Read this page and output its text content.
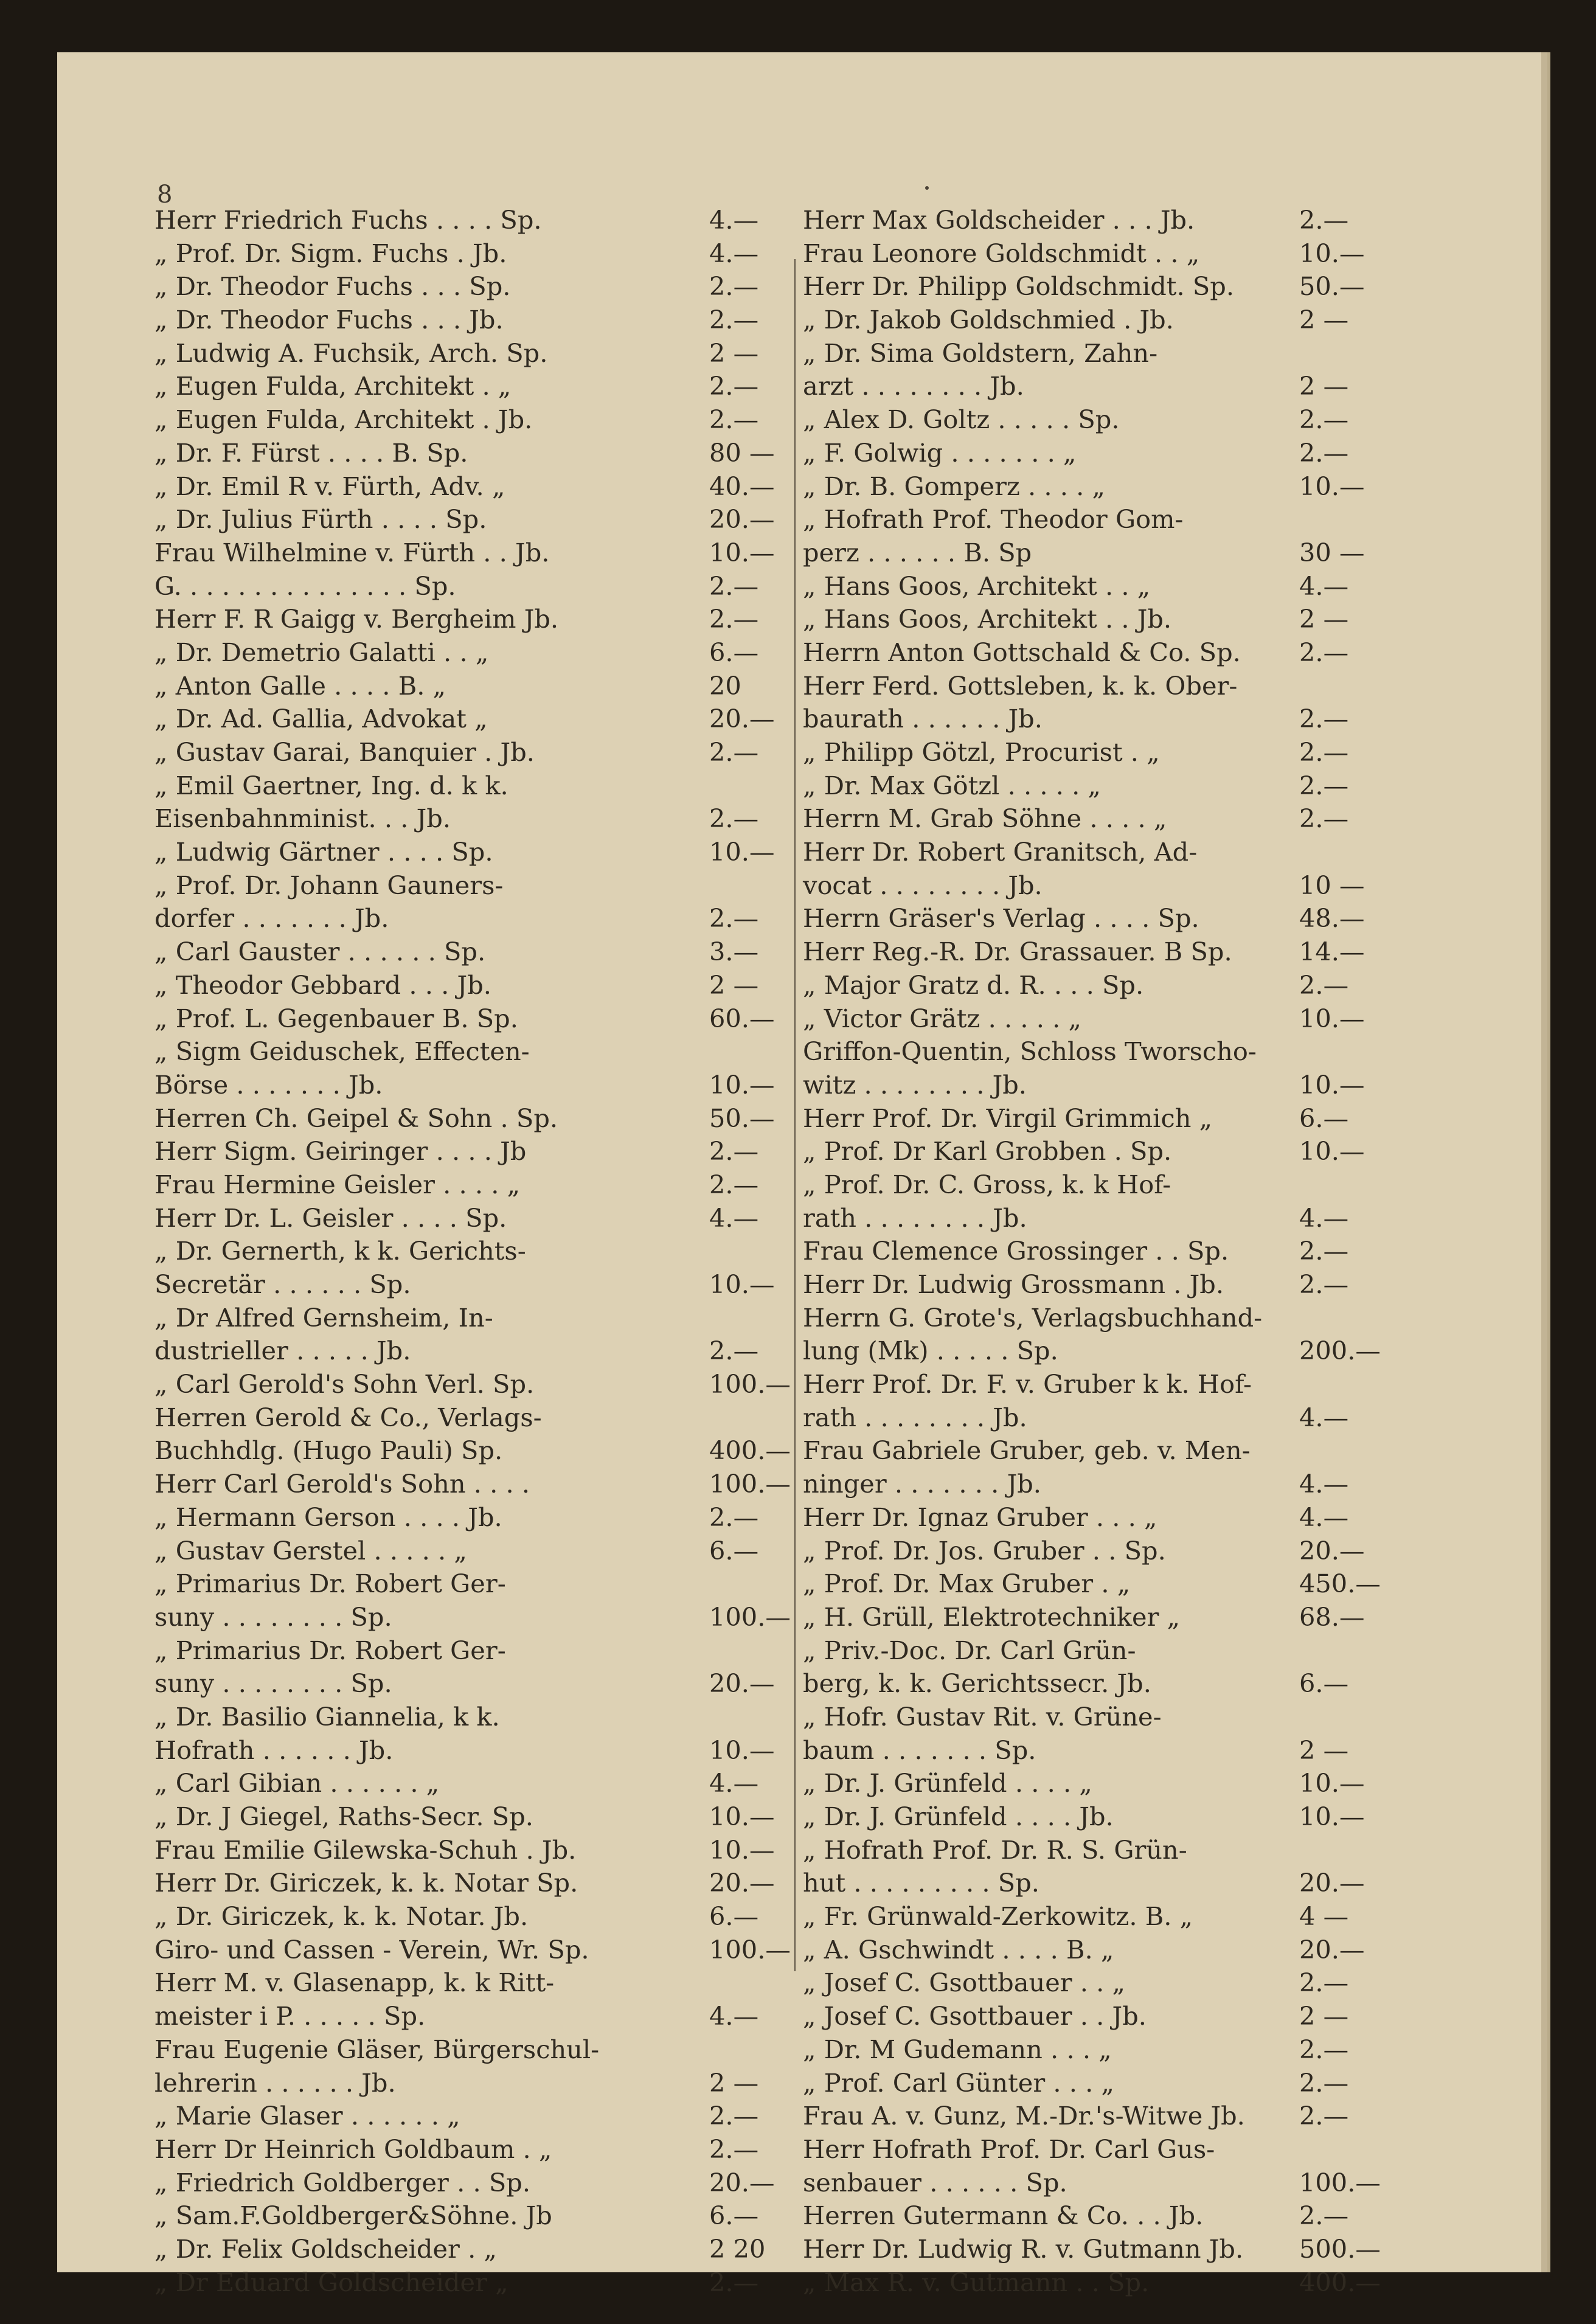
8
Herr Friedrich Fuchs . . . . Sp.	4.—
„ Prof. Dr. Sigm. Fuchs . Jb.	4.—
„ Dr. Theodor Fuchs . . . Sp.	2.—
„ Dr. Theodor Fuchs . . . Jb.	2.—
„ Ludwig A. Fuchsik, Arch. Sp.	2 —
„ Eugen Fulda, Architekt . „	2.—
„ Eugen Fulda, Architekt . Jb.	2.—
„ Dr. F. Fürst . . . . B. Sp.	80 —
„ Dr. Emil R v. Fürth, Adv. „	40.—
„ Dr. Julius Fürth . . . . Sp.	20.—
Frau Wilhelmine v. Fürth . . Jb.	10.—
G. . . . . . . . . . . . . . . Sp.	2.—
Herr F. R Gaigg v. Bergheim Jb.	2.—
„ Dr. Demetrio Galatti . . „	6.—
„ Anton Galle . . . . B. „	20
„ Dr. Ad. Gallia, Advokat „	20.—
„ Gustav Garai, Banquier . Jb.	2.—
„ Emil Gaertner, Ing. d. k k.
Eisenbahnminist. . . Jb.	2.—
„ Ludwig Gärtner . . . . Sp.	10.—
„ Prof. Dr. Johann Gauners-
dorfer . . . . . . . Jb.	2.—
„ Carl Gauster . . . . . . Sp.	3.—
„ Theodor Gebbard . . . Jb.	2 —
„ Prof. L. Gegenbauer B. Sp.	60.—
„ Sigm Geiduschek, Effecten-
Börse . . . . . . . Jb.	10.—
Herren Ch. Geipel & Sohn . Sp.	50.—
Herr Sigm. Geiringer . . . . Jb	2.—
Frau Hermine Geisler . . . . „	2.—
Herr Dr. L. Geisler . . . . Sp.	4.—
„ Dr. Gernerth, k k. Gerichts-
Secretär . . . . . . Sp.	10.—
„ Dr Alfred Gernsheim, In-
dustrieller . . . . . Jb.	2.—
„ Carl Gerold's Sohn Verl. Sp.	100.—
Herren Gerold & Co., Verlags-
Buchhdlg. (Hugo Pauli) Sp.	400.—
Herr Carl Gerold's Sohn . . . .	100.—
„ Hermann Gerson . . . . Jb.	2.—
„ Gustav Gerstel . . . . . „	6.—
„ Primarius Dr. Robert Ger-
suny . . . . . . . . Sp.	100.—
„ Primarius Dr. Robert Ger-
suny . . . . . . . . Sp.	20.—
„ Dr. Basilio Giannelia, k k.
Hofrath . . . . . . Jb.	10.—
„ Carl Gibian . . . . . . „	4.—
„ Dr. J Giegel, Raths-Secr. Sp.	10.—
Frau Emilie Gilewska-Schuh . Jb.	10.—
Herr Dr. Giriczek, k. k. Notar Sp.	20.—
„ Dr. Giriczek, k. k. Notar. Jb.	6.—
Giro- und Cassen - Verein, Wr. Sp.	100.—
Herr M. v. Glasenapp, k. k Ritt-
meister i P. . . . . . Sp.	4.—
Frau Eugenie Gläser, Bürgerschul-
lehrerin . . . . . . Jb.	2 —
„ Marie Glaser . . . . . . „	2.—
Herr Dr Heinrich Goldbaum . „	2.—
„ Friedrich Goldberger . . Sp.	20.—
„ Sam.F.Goldberger&Söhne. Jb	6.—
„ Dr. Felix Goldscheider . „	2 20
„ Dr Eduard Goldscheider „	2.—
Herr Max Goldscheider . . . Jb.	2.—
Frau Leonore Goldschmidt . . „	10.—
Herr Dr. Philipp Goldschmidt. Sp.	50.—
„ Dr. Jakob Goldschmied . Jb.	2 —
„ Dr. Sima Goldstern, Zahn-
arzt . . . . . . . . Jb.	2 —
„ Alex D. Goltz . . . . . Sp.	2.—
„ F. Golwig . . . . . . . „	2.—
„ Dr. B. Gomperz . . . . „	10.—
„ Hofrath Prof. Theodor Gom-
perz . . . . . . B. Sp	30 —
„ Hans Goos, Architekt . . „	4.—
„ Hans Goos, Architekt . . Jb.	2 —
Herrn Anton Gottschald & Co. Sp. 2.—
Herr Ferd. Gottsleben, k. k. Ober-
baurath . . . . . . Jb.	2.—
„ Philipp Götzl, Procurist . „	2.—
„ Dr. Max Götzl . . . . . „	2.—
Herrn M. Grab Söhne . . . . „	2.—
Herr Dr. Robert Granitsch, Ad-
vocat . . . . . . . . Jb.	10 —
Herrn Gräser's Verlag . . . . Sp.	48.—
Herr Reg.-R. Dr. Grassauer. B Sp.	14.—
„ Major Gratz d. R. . . . Sp.	2.—
„ Victor Grätz . . . . . „	10.—
Griffon-Quentin, Schloss Tworscho-
witz . . . . . . . . Jb.	10.—
Herr Prof. Dr. Virgil Grimmich „	6.—
„ Prof. Dr Karl Grobben . Sp.	10.—
„ Prof. Dr. C. Gross, k. k Hof-
rath . . . . . . . . Jb.	4.—
Frau Clemence Grossinger . . Sp.	2.—
Herr Dr. Ludwig Grossmann . Jb.	2.—
Herrn G. Grote's, Verlagsbuchhand-
lung (Mk) . . . . . Sp.	200.—
Herr Prof. Dr. F. v. Gruber k k. Hof-
rath . . . . . . . . Jb.	4.—
Frau Gabriele Gruber, geb. v. Men-
ninger . . . . . . . Jb.	4.—
Herr Dr. Ignaz Gruber . . . „	4.—
„ Prof. Dr. Jos. Gruber . . Sp.	20.—
„ Prof. Dr. Max Gruber . „	450.—
„ H. Grüll, Elektrotechniker „	68.—
„ Priv.-Doc. Dr. Carl Grün-
berg, k. k. Gerichtssecr. Jb.	6.—
„ Hofr. Gustav Rit. v. Grüne-
baum . . . . . . . Sp.	2 —
„ Dr. J. Grünfeld . . . . „	10.—
„ Dr. J. Grünfeld . . . . Jb.	10.—
„ Hofrath Prof. Dr. R. S. Grün-
hut . . . . . . . . . Sp.	20.—
„ Fr. Grünwald-Zerkowitz. B. „	4 —
„ A. Gschwindt . . . . B. „	20.—
„ Josef C. Gsottbauer . . „	2.—
„ Josef C. Gsottbauer . . Jb.	2 —
„ Dr. M Gudemann . . . „	2.—
„ Prof. Carl Günter . . . „	2.—
Frau A. v. Gunz, M.-Dr.'s-Witwe Jb. 2.—
Herr Hofrath Prof. Dr. Carl Gus-
senbauer . . . . . . Sp.	100.—
Herren Gutermann & Co. . . Jb.	2.—
Herr Dr. Ludwig R. v. Gutmann Jb. 500.—
„ Max R. v. Gutmann . . Sp.	400.—
